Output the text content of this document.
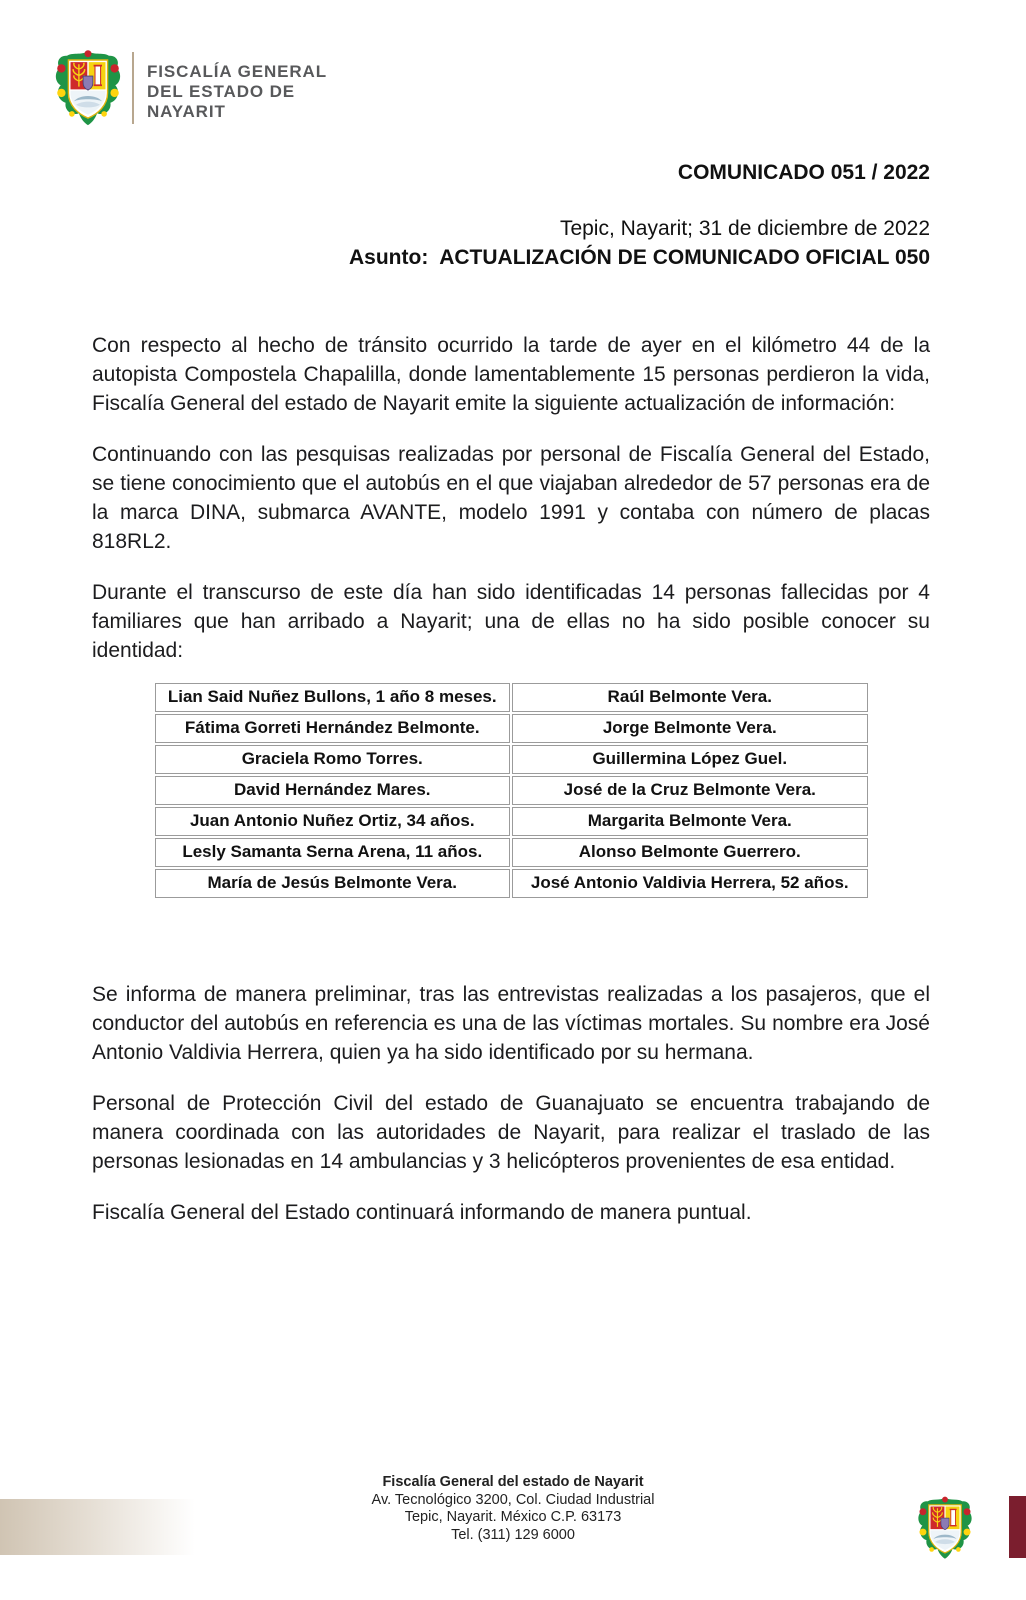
FISCALÍA GENERAL
DEL ESTADO DE
NAYARIT
COMUNICADO 051 / 2022
Tepic, Nayarit; 31 de diciembre de 2022
Asunto:  ACTUALIZACIÓN DE COMUNICADO OFICIAL 050

Con respecto al hecho de tránsito ocurrido la tarde de ayer en el kilómetro 44 de la autopista Compostela Chapalilla, donde lamentablemente 15 personas perdieron la vida, Fiscalía General del estado de Nayarit emite la siguiente actualización de información:

Continuando con las pesquisas realizadas por personal de Fiscalía General del Estado, se tiene conocimiento que el autobús en el que viajaban alrededor de 57 personas era de la marca DINA, submarca AVANTE, modelo 1991 y contaba con número de placas 818RL2.

Durante el transcurso de este día han sido identificadas 14 personas fallecidas por 4 familiares que han arribado a Nayarit; una de ellas no ha sido posible conocer su identidad:

Lian Said Nuñez Bullons, 1 año 8 meses.	Raúl Belmonte Vera.
Fátima Gorreti Hernández Belmonte.	Jorge Belmonte Vera.
Graciela Romo Torres.	Guillermina López Guel.
David Hernández Mares.	José de la Cruz Belmonte Vera.
Juan Antonio Nuñez Ortiz, 34 años.	Margarita Belmonte Vera.
Lesly Samanta Serna Arena, 11 años.	Alonso Belmonte Guerrero.
María de Jesús Belmonte Vera.	José Antonio Valdivia Herrera, 52 años.

Se informa de manera preliminar, tras las entrevistas realizadas a los pasajeros, que el conductor del autobús en referencia es una de las víctimas mortales. Su nombre era José Antonio Valdivia Herrera, quien ya ha sido identificado por su hermana.

Personal de Protección Civil del estado de Guanajuato se encuentra trabajando de manera coordinada con las autoridades de Nayarit, para realizar el traslado de las personas lesionadas en 14 ambulancias y 3 helicópteros provenientes de esa entidad.

Fiscalía General del Estado continuará informando de manera puntual.

Fiscalía General del estado de Nayarit
Av. Tecnológico 3200, Col. Ciudad Industrial
Tepic, Nayarit. México C.P. 63173
Tel. (311) 129 6000
